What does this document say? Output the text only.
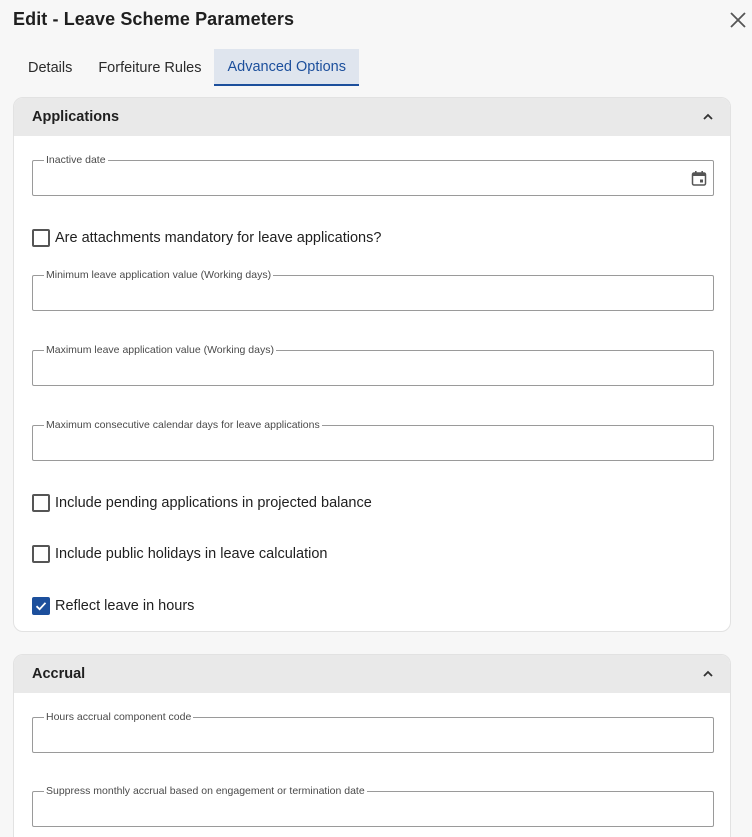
Edit - Leave Scheme Parameters
Details	Forfeiture Rules	Advanced Options
Applications
Inactive date
Are attachments mandatory for leave applications?
Minimum leave application value (Working days)
Maximum leave application value (Working days)
Maximum consecutive calendar days for leave applications
Include pending applications in projected balance
Include public holidays in leave calculation
Reflect leave in hours
Accrual
Hours accrual component code
Suppress monthly accrual based on engagement or termination date
